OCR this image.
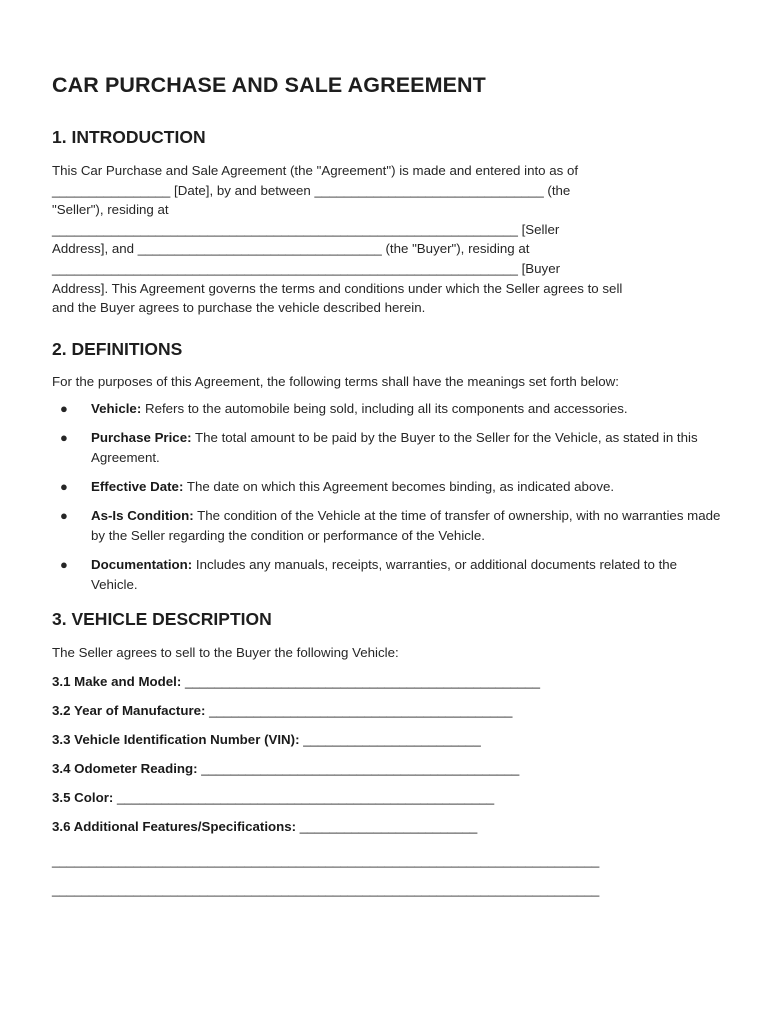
CAR PURCHASE AND SALE AGREEMENT
1. INTRODUCTION

This Car Purchase and Sale Agreement (the "Agreement") is made and entered into as of
________________ [Date], by and between _______________________________ (the
"Seller"), residing at
_______________________________________________________________ [Seller
Address], and _________________________________ (the "Buyer"), residing at
_______________________________________________________________ [Buyer
Address]. This Agreement governs the terms and conditions under which the Seller agrees to sell
and the Buyer agrees to purchase the vehicle described herein.

2. DEFINITIONS

For the purposes of this Agreement, the following terms shall have the meanings set forth below:

● Vehicle: Refers to the automobile being sold, including all its components and accessories.
● Purchase Price: The total amount to be paid by the Buyer to the Seller for the Vehicle, as stated in this Agreement.
● Effective Date: The date on which this Agreement becomes binding, as indicated above.
● As-Is Condition: The condition of the Vehicle at the time of transfer of ownership, with no warranties made by the Seller regarding the condition or performance of the Vehicle.
● Documentation: Includes any manuals, receipts, warranties, or additional documents related to the Vehicle.
3. VEHICLE DESCRIPTION

The Seller agrees to sell to the Buyer the following Vehicle:

3.1 Make and Model: ________________________________________________
3.2 Year of Manufacture: _________________________________________
3.3 Vehicle Identification Number (VIN): ________________________
3.4 Odometer Reading: ___________________________________________
3.5 Color: ___________________________________________________
3.6 Additional Features/Specifications: ________________________
__________________________________________________________________________
__________________________________________________________________________
